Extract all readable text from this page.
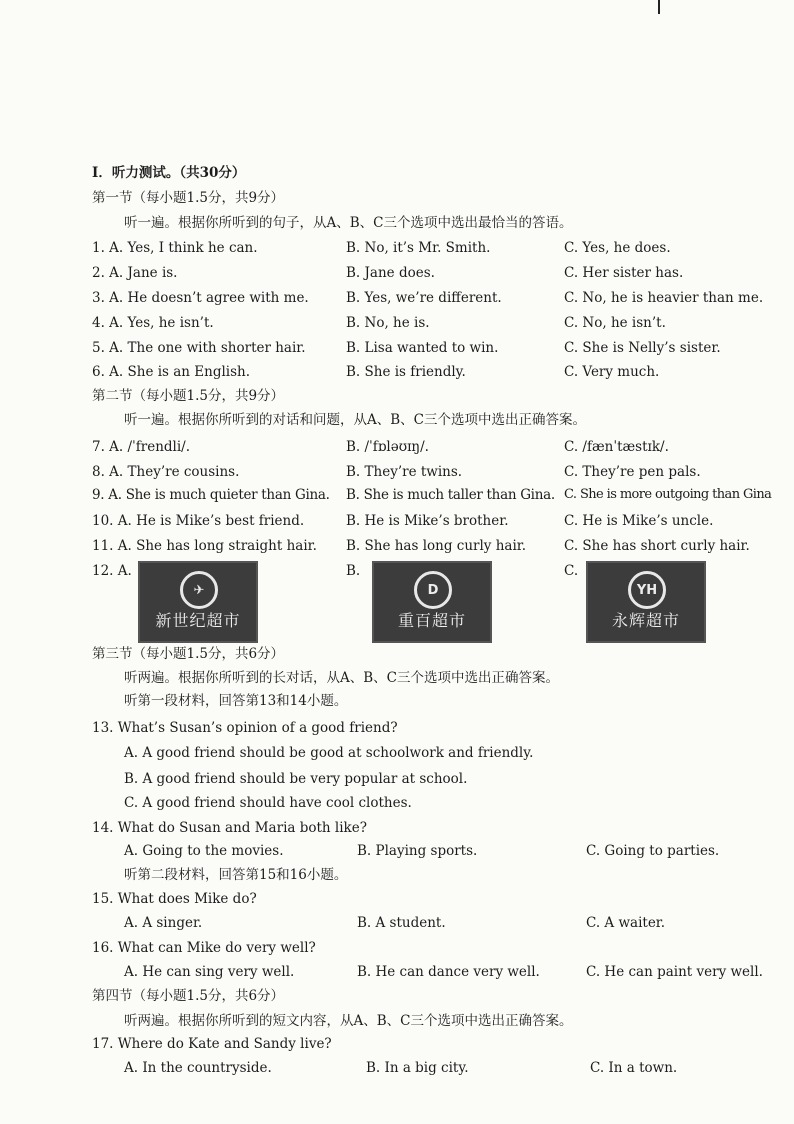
I．听力测试。（共30分）
第一节（每小题1.5分，共9分）
听一遍。根据你所听到的句子，从A、B、C三个选项中选出最恰当的答语。
1. A. Yes, I think he can.	B. No, it’s Mr. Smith.	C. Yes, he does.
2. A. Jane is.	B. Jane does.	C. Her sister has.
3. A. He doesn’t agree with me.	B. Yes, we’re different.	C. No, he is heavier than me.
4. A. Yes, he isn’t.	B. No, he is.	C. No, he isn’t.
5. A. The one with shorter hair.	B. Lisa wanted to win.	C. She is Nelly’s sister.
6. A. She is an English.	B. She is friendly.	C. Very much.
第二节（每小题1.5分，共9分）
听一遍。根据你所听到的对话和问题，从A、B、C三个选项中选出正确答案。
7. A. /ˈfrendli/.	B. /ˈfɒləʊɪŋ/.	C. /fænˈtæstɪk/.
8. A. They’re cousins.	B. They’re twins.	C. They’re pen pals.
9. A. She is much quieter than Gina. B. She is much taller than Gina. C. She is more outgoing than Gina
10. A. He is Mike’s best friend.	B. He is Mike’s brother.	C. He is Mike’s uncle.
11. A. She has long straight hair. B. She has long curly hair.	C. She has short curly hair.
12. A.
✈
新世纪超市
B.
D
重百超市
C.
YH
永辉超市
第三节（每小题1.5分，共6分）
听两遍。根据你所听到的长对话，从A、B、C三个选项中选出正确答案。
听第一段材料，回答第13和14小题。
13. What’s Susan’s opinion of a good friend?
A. A good friend should be good at schoolwork and friendly.
B. A good friend should be very popular at school.
C. A good friend should have cool clothes.
14. What do Susan and Maria both like?
A. Going to the movies.	B. Playing sports.	C. Going to parties.
听第二段材料，回答第15和16小题。
15. What does Mike do?
A. A singer.	B. A student.	C. A waiter.
16. What can Mike do very well?
A. He can sing very well.	B. He can dance very well.	C. He can paint very well.
第四节（每小题1.5分，共6分）
听两遍。根据你所听到的短文内容，从A、B、C三个选项中选出正确答案。
17. Where do Kate and Sandy live?
A. In the countryside.	B. In a big city.	C. In a town.
